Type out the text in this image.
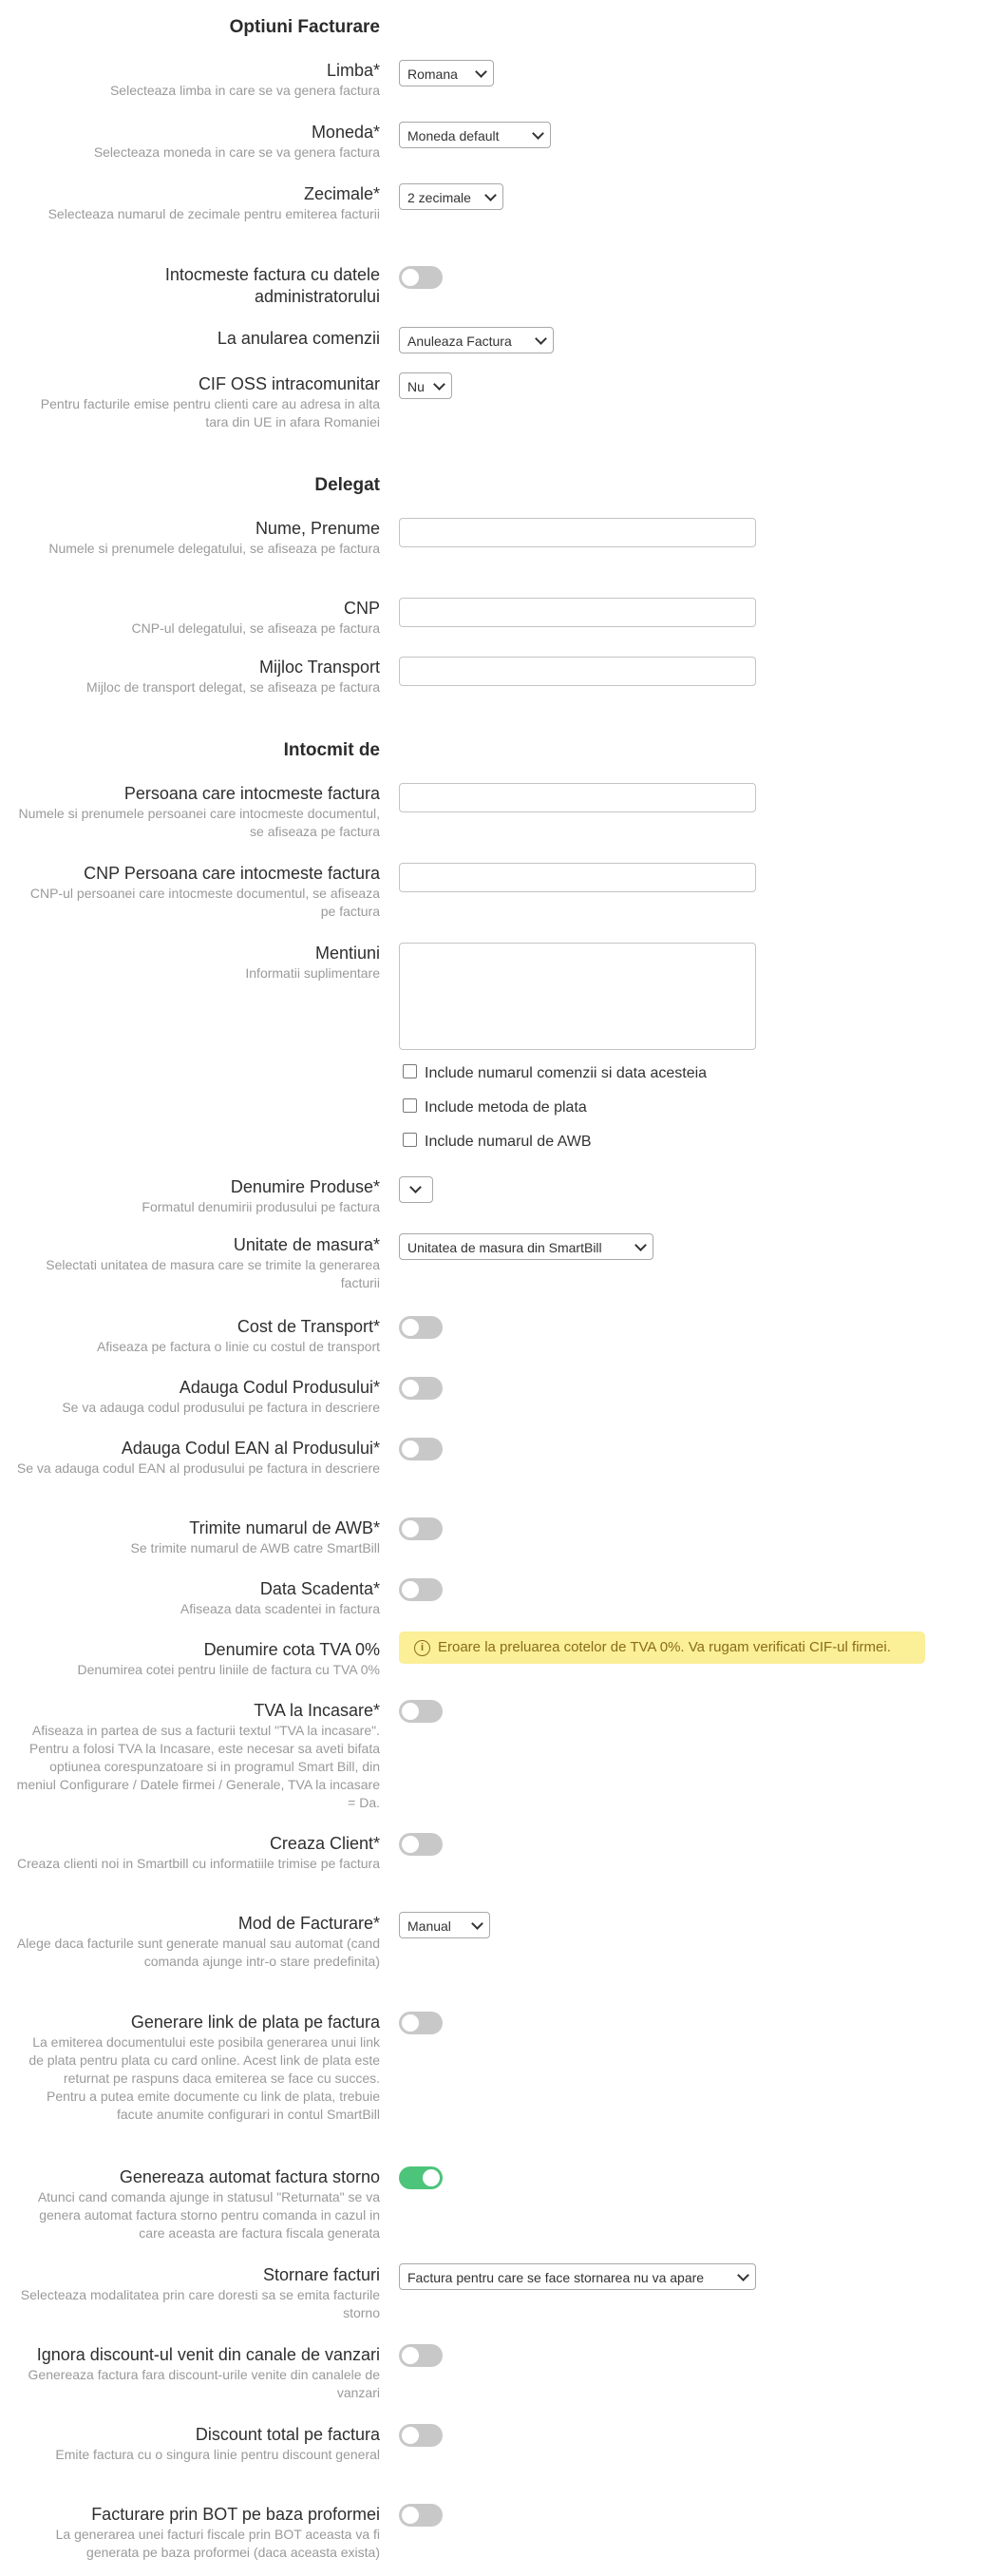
Optiuni Facturare
Limba*
Selecteaza limba in care se va genera factura
Romana
Moneda*
Selecteaza moneda in care se va genera factura
Moneda default
Zecimale*
Selecteaza numarul de zecimale pentru emiterea facturii
2 zecimale
Intocmeste factura cu datele administratorului
La anularea comenzii	Anuleaza Factura
CIF OSS intracomunitar
Pentru facturile emise pentru clienti care au adresa in alta tara din UE in afara Romaniei
Nu
Delegat
Nume, Prenume
Numele si prenumele delegatului, se afiseaza pe factura
CNP
CNP-ul delegatului, se afiseaza pe factura
Mijloc Transport
Mijloc de transport delegat, se afiseaza pe factura
Intocmit de
Persoana care intocmeste factura
Numele si prenumele persoanei care intocmeste documentul, se afiseaza pe factura
CNP Persoana care intocmeste factura
CNP-ul persoanei care intocmeste documentul, se afiseaza pe factura
Mentiuni
Informatii suplimentare
Include numarul comenzii si data acesteia
Include metoda de plata
Include numarul de AWB
Denumire Produse*
Formatul denumirii produsului pe factura
Unitate de masura*
Selectati unitatea de masura care se trimite la generarea facturii
Unitatea de masura din SmartBill
Cost de Transport*
Afiseaza pe factura o linie cu costul de transport
Adauga Codul Produsului*
Se va adauga codul produsului pe factura in descriere
Adauga Codul EAN al Produsului*
Se va adauga codul EAN al produsului pe factura in descriere
Trimite numarul de AWB*
Se trimite numarul de AWB catre SmartBill
Data Scadenta*
Afiseaza data scadentei in factura
Denumire cota TVA 0%
Denumirea cotei pentru liniile de factura cu TVA 0%
i Eroare la preluarea cotelor de TVA 0%. Va rugam verificati CIF-ul firmei.
TVA la Incasare*
Afiseaza in partea de sus a facturii textul "TVA la incasare". Pentru a folosi TVA la Incasare, este necesar sa aveti bifata optiunea corespunzatoare si in programul Smart Bill, din meniul Configurare / Datele firmei / Generale, TVA la incasare = Da.
Creaza Client*
Creaza clienti noi in Smartbill cu informatiile trimise pe factura
Mod de Facturare*
Alege daca facturile sunt generate manual sau automat (cand comanda ajunge intr-o stare predefinita)
Manual
Generare link de plata pe factura
La emiterea documentului este posibila generarea unui link de plata pentru plata cu card online. Acest link de plata este returnat pe raspuns daca emiterea se face cu succes.
Pentru a putea emite documente cu link de plata, trebuie facute anumite configurari in contul SmartBill
Genereaza automat factura storno
Atunci cand comanda ajunge in statusul "Returnata" se va genera automat factura storno pentru comanda in cazul in care aceasta are factura fiscala generata
Stornare facturi
Selecteaza modalitatea prin care doresti sa se emita facturile storno
Factura pentru care se face stornarea nu va apare
Ignora discount-ul venit din canale de vanzari
Genereaza factura fara discount-urile venite din canalele de vanzari
Discount total pe factura
Emite factura cu o singura linie pentru discount general
Facturare prin BOT pe baza proformei
La generarea unei facturi fiscale prin BOT aceasta va fi generata pe baza proformei (daca aceasta exista)
